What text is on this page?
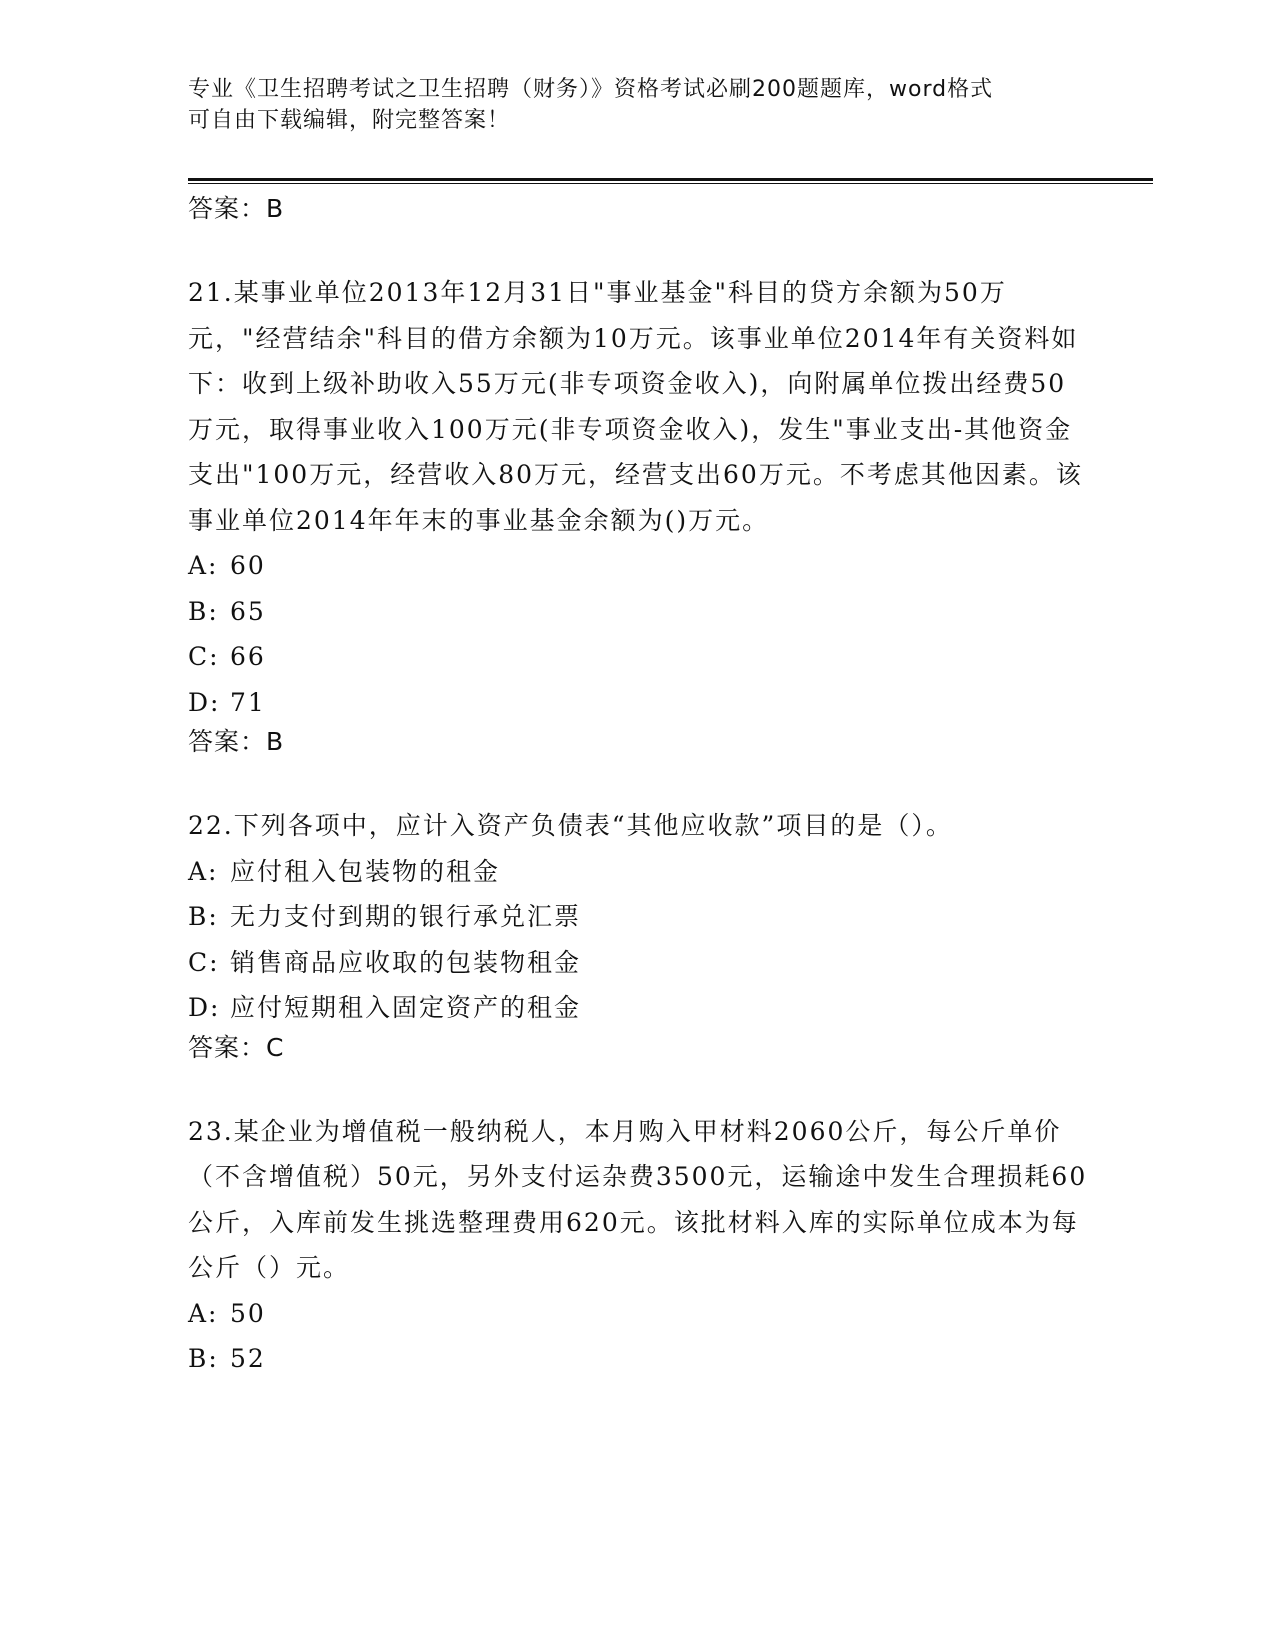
专业《卫生招聘考试之卫生招聘（财务）》资格考试必刷200题题库，word格式
可自由下载编辑，附完整答案！
答案：B

21.某事业单位2013年12月31日"事业基金"科目的贷方余额为50万元，"经营结余"科目的借方余额为10万元。该事业单位2014年有关资料如下：收到上级补助收入55万元(非专项资金收入)，向附属单位拨出经费50万元，取得事业收入100万元(非专项资金收入)，发生"事业支出-其他资金支出"100万元，经营收入80万元，经营支出60万元。不考虑其他因素。该事业单位2014年年末的事业基金余额为()万元。

A: 60
B: 65
C: 66
D: 71
答案：B

22.下列各项中，应计入资产负债表“其他应收款”项目的是（）。

A: 应付租入包装物的租金
B: 无力支付到期的银行承兑汇票
C: 销售商品应收取的包装物租金
D: 应付短期租入固定资产的租金
答案：C

23.某企业为增值税一般纳税人，本月购入甲材料2060公斤，每公斤单价（不含增值税）50元，另外支付运杂费3500元，运输途中发生合理损耗60公斤，入库前发生挑选整理费用620元。该批材料入库的实际单位成本为每公斤（）元。

A: 50
B: 52
